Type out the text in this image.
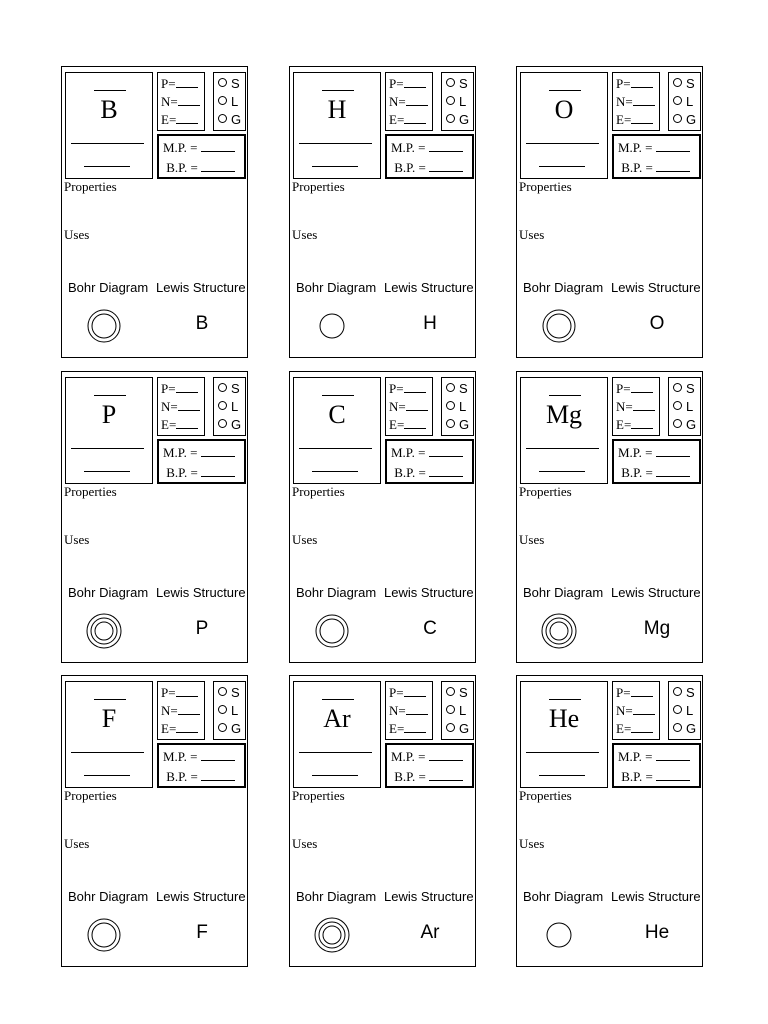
B
P=
N=
E=
S
L
G
M.P. =
B.P. =
Properties
Uses
Bohr Diagram Lewis Structure
B
H
P=
N=
E=
S
L
G
M.P. =
B.P. =
Properties
Uses
Bohr Diagram Lewis Structure
H
O
P=
N=
E=
S
L
G
M.P. =
B.P. =
Properties
Uses
Bohr Diagram Lewis Structure
O
P
P=
N=
E=
S
L
G
M.P. =
B.P. =
Properties
Uses
Bohr Diagram Lewis Structure
P
C
P=
N=
E=
S
L
G
M.P. =
B.P. =
Properties
Uses
Bohr Diagram Lewis Structure
C
Mg
P=
N=
E=
S
L
G
M.P. =
B.P. =
Properties
Uses
Bohr Diagram Lewis Structure
Mg
F
P=
N=
E=
S
L
G
M.P. =
B.P. =
Properties
Uses
Bohr Diagram Lewis Structure
F
Ar
P=
N=
E=
S
L
G
M.P. =
B.P. =
Properties
Uses
Bohr Diagram Lewis Structure
Ar
He
P=
N=
E=
S
L
G
M.P. =
B.P. =
Properties
Uses
Bohr Diagram Lewis Structure
He
